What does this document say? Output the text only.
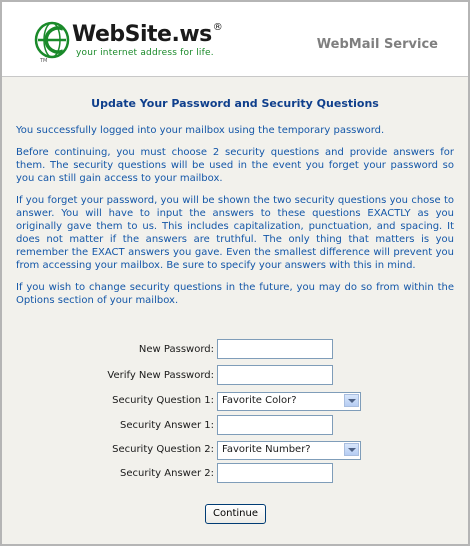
WebSite.ws®
your internet address for life.
TM
WebMail Service
Update Your Password and Security Questions

You successfully logged into your mailbox using the temporary password.

Before continuing, you must choose 2 security questions and provide answers for them. The security questions will be used in the event you forget your password so you can still gain access to your mailbox.

If you forget your password, you will be shown the two security questions you chose to answer. You will have to input the answers to these questions EXACTLY as you originally gave them to us. This includes capitalization, punctuation, and spacing. It does not matter if the answers are truthful. The only thing that matters is you remember the EXACT answers you gave. Even the smallest difference will prevent you from accessing your mailbox. Be sure to specify your answers with this in mind.

If you wish to change security questions in the future, you may do so from within the Options section of your mailbox.

New Password:
Verify New Password:
Security Question 1: Favorite Color?
Security Answer 1:
Security Question 2: Favorite Number?
Security Answer 2:
Continue
